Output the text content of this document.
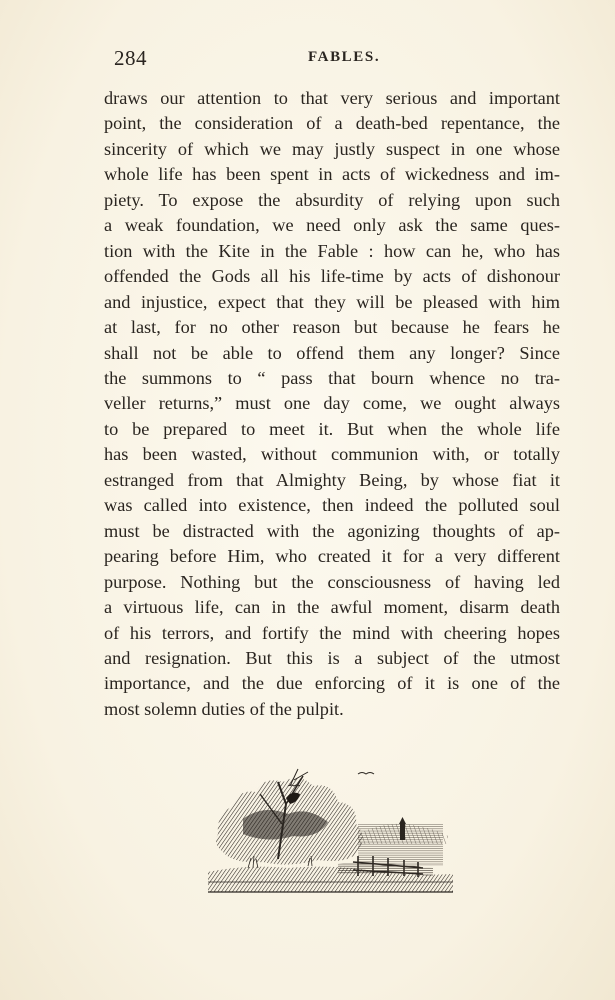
284	FABLES.
draws our attention to that very serious and important
point, the consideration of a death-bed repentance, the
sincerity of which we may justly suspect in one whose
whole life has been spent in acts of wickedness and im-
piety. To expose the absurdity of relying upon such
a weak foundation, we need only ask the same ques-
tion with the Kite in the Fable : how can he, who has
offended the Gods all his life-time by acts of dishonour
and injustice, expect that they will be pleased with him
at last, for no other reason but because he fears he
shall not be able to offend them any longer? Since
the summons to “ pass that bourn whence no tra-
veller returns,” must one day come, we ought always
to be prepared to meet it. But when the whole life
has been wasted, without communion with, or totally
estranged from that Almighty Being, by whose fiat it
was called into existence, then indeed the polluted soul
must be distracted with the agonizing thoughts of ap-
pearing before Him, who created it for a very different
purpose. Nothing but the consciousness of having led
a virtuous life, can in the awful moment, disarm death
of his terrors, and fortify the mind with cheering hopes
and resignation. But this is a subject of the utmost
importance, and the due enforcing of it is one of the
most solemn duties of the pulpit.
